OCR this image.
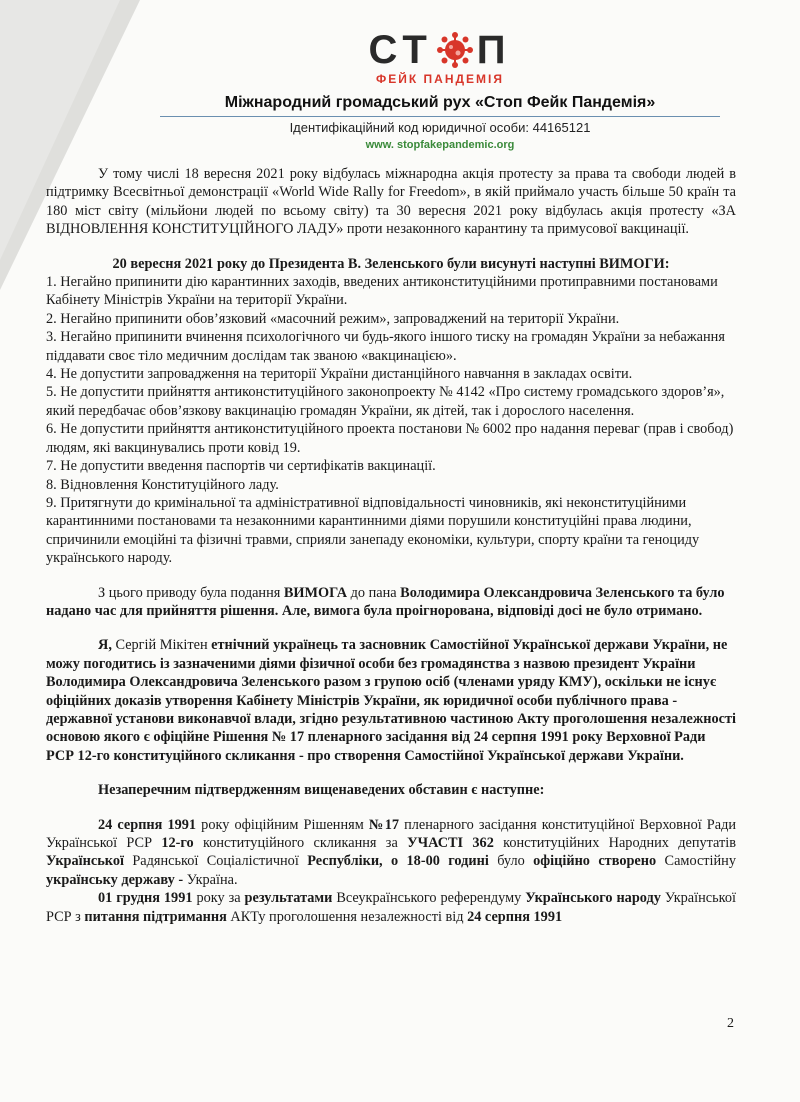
СТ П
ФЕЙК ПАНДЕМІЯ
Міжнародний громадський рух «Стоп Фейк Пандемія»
Ідентифікаційний код юридичної особи: 44165121
www. stopfakepandemic.org

У тому числі 18 вересня 2021 року відбулась міжнародна акція протесту за права та свободи людей в підтримку Всесвітньої демонстрації «World Wide Rally for Freedom», в якій приймало участь більше 50 країн та 180 міст світу (мільйони людей по всьому світу) та 30 вересня 2021 року відбулась акція протесту «ЗА ВІДНОВЛЕННЯ КОНСТИТУЦІЙНОГО ЛАДУ» проти незаконного карантину та примусової вакцинації.

20 вересня 2021 року до Президента В. Зеленського були висунуті наступні ВИМОГИ:

1. Негайно припинити дію карантинних заходів, введених антиконституційними протиправними постановами Кабінету Міністрів України на території України.

2. Негайно припинити обов’язковий «масочний режим», запроваджений на території України.

3. Негайно припинити вчинення психологічного чи будь-якого іншого тиску на громадян України за небажання піддавати своє тіло медичним дослідам так званою «вакцинацією».

4. Не допустити запровадження на території України дистанційного навчання в закладах освіти.

5. Не допустити прийняття антиконституційного законопроекту № 4142 «Про систему громадського здоров’я», який передбачає обов’язкову вакцинацію громадян України, як дітей, так і дорослого населення.

6. Не допустити прийняття антиконституційного проекта постанови № 6002 про надання переваг (прав і свобод) людям, які вакцинувались проти ковід 19.

7. Не допустити введення паспортів чи сертифікатів вакцинації.

8. Відновлення Конституційного ладу.

9. Притягнути до кримінальної та адміністративної відповідальності чиновників, які неконституційними карантинними постановами та незаконними карантинними діями порушили конституційні права людини, спричинили емоційні та фізичні травми, сприяли занепаду економіки, культури, спорту країни та геноциду українського народу.

З цього приводу була подання ВИМОГА до пана Володимира Олександровича Зеленського та було надано час для прийняття рішення. Але, вимога була проігнорована, відповіді досі не було отримано.

Я, Сергій Мікітен етнічний українець та засновник Самостійної Української держави України, не можу погодитись із зазначеними діями фізичної особи без громадянства з назвою президент України Володимира Олександровича Зеленського разом з групою осіб (членами уряду КМУ), оскільки не існує офіційних доказів утворення Кабінету Міністрів України, як юридичної особи публічного права - державної установи виконавчої влади, згідно результативною частиною Акту проголошення незалежності основою якого є офіційне Рішення № 17 пленарного засідання від 24 серпня 1991 року Верховної Ради РСР 12-го конституційного скликання - про створення Самостійної Української держави України.

Незаперечним підтвердженням вищенаведених обставин є наступне:

24 серпня 1991 року офіційним Рішенням №17 пленарного засідання конституційної Верховної Ради Української РСР 12-го конституційного скликання за УЧАСТІ 362 конституційних Народних депутатів Української Радянської Соціалістичної Республіки, о 18-00 годині було офіційно створено Самостійну українську державу - Україна.

01 грудня 1991 року за результатами Всеукраїнського референдуму Українського народу Української РСР з питання підтримання АКТу проголошення незалежності від 24 серпня 1991

2
